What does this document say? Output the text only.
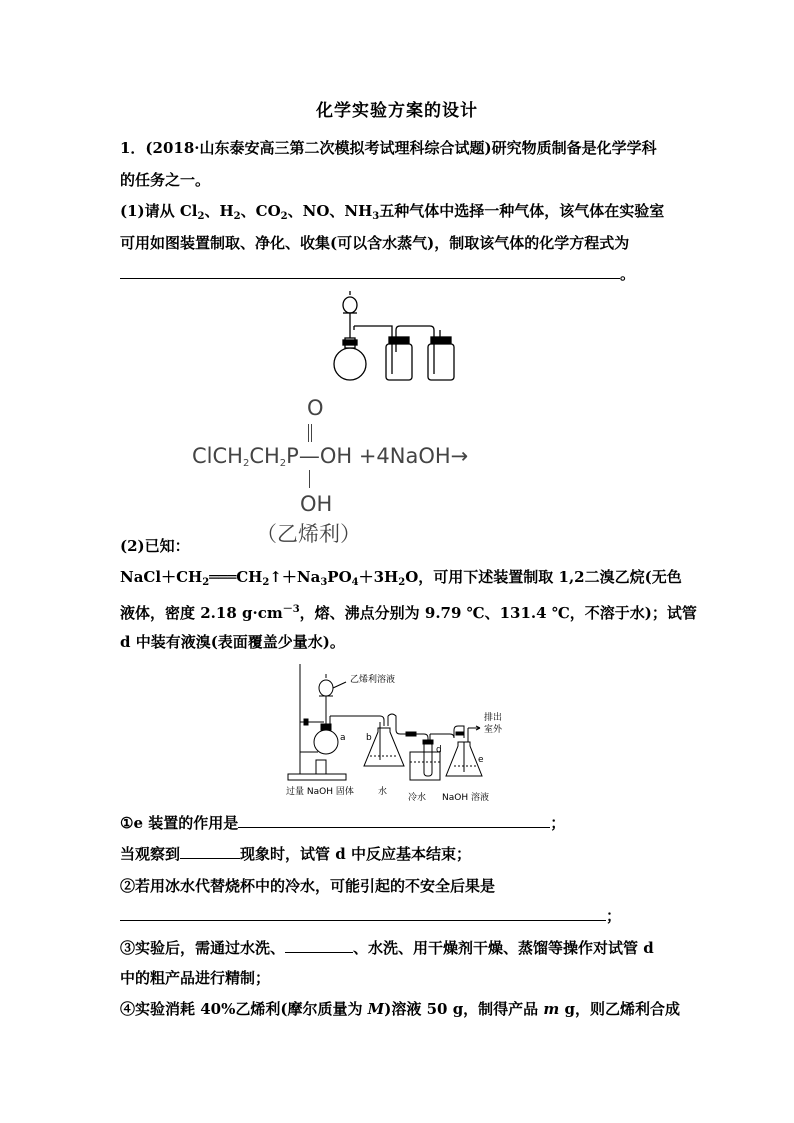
化学实验方案的设计
1．(2018·山东泰安高三第二次模拟考试理科综合试题)研究物质制备是化学学科
的任务之一。
(1)请从 $Cl_2$、$H_2$、$CO_2$、NO、$NH_3$五种气体中选择一种气体，该气体在实验室
可用如图装置制取、净化、收集(可以含水蒸气)，制取该气体的化学方程式为
。
O
$ClCH_2CH_2P—OH$ +4NaOH→
OH
（乙烯利）
(2)已知：
$NaCl+CH_2═══CH_2↑+Na_3PO_4+3H_2O$，可用下述装置制取 1,2二溴乙烷(无色
液体，密度 2.18 $g\cdot cm^{-3}$，熔、沸点分别为 9.79 ℃、131.4 ℃，不溶于水)；试管
d 中装有液溴(表面覆盖少量水)。
乙烯利溶液
排出
室外
a b
d
e
过量 NaOH 固体	水
冷水 NaOH 溶液
①e 装置的作用是	；
当观察到	现象时，试管 d 中反应基本结束；
②若用冰水代替烧杯中的冷水，可能引起的不安全后果是
；
③实验后，需通过水洗、	、水洗、用干燥剂干燥、蒸馏等操作对试管 d
中的粗产品进行精制；
④实验消耗 40%乙烯利(摩尔质量为 M)溶液 50 g，制得产品 m g，则乙烯利合成
